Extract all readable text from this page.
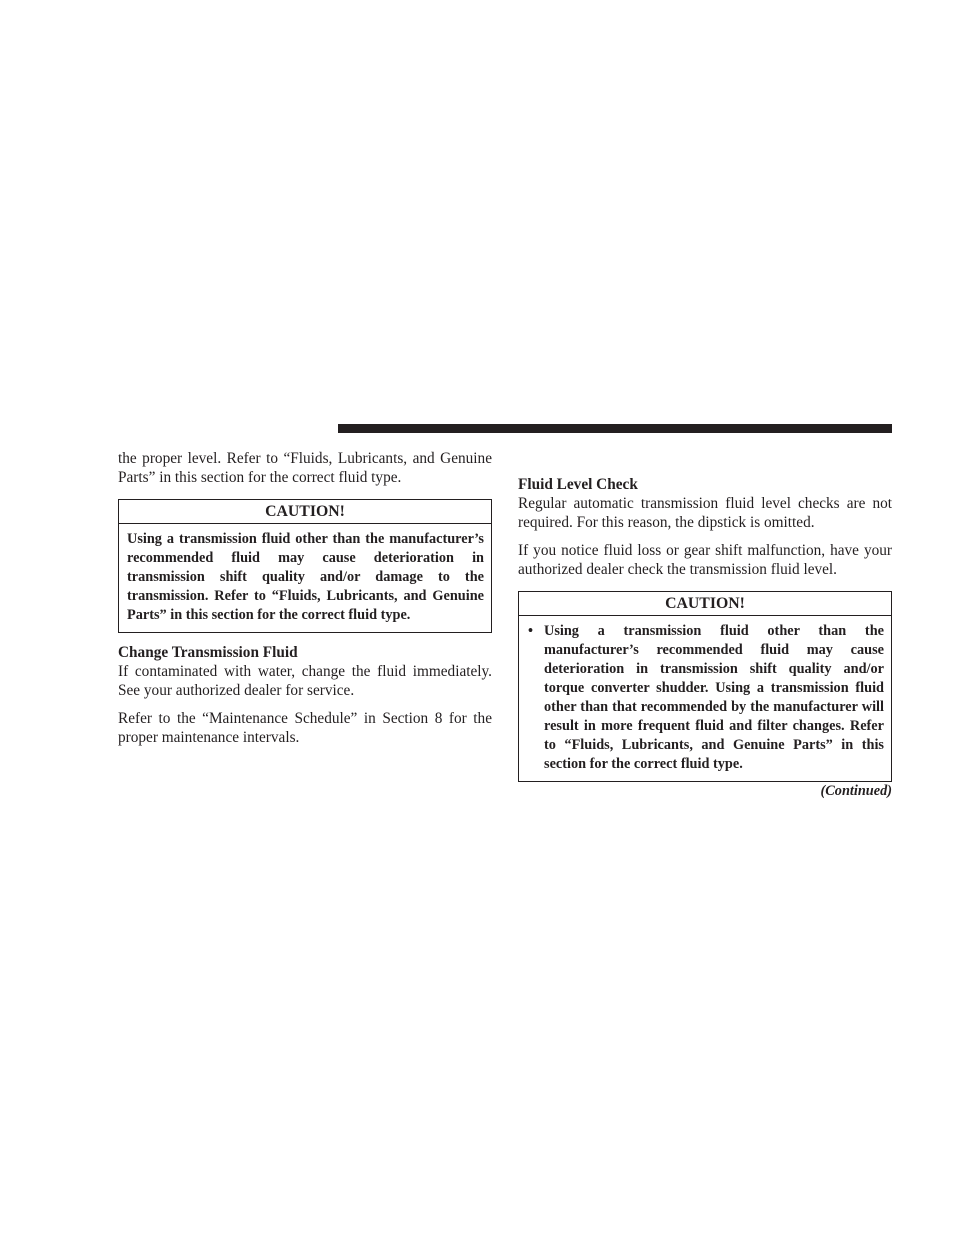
the proper level. Refer to “Fluids, Lubricants, and Genuine Parts” in this section for the correct fluid type.

CAUTION!
Using a transmission fluid other than the manufacturer’s recommended fluid may cause deterioration in transmission shift quality and/or damage to the transmission. Refer to “Fluids, Lubricants, and Genuine Parts” in this section for the correct fluid type.

Change Transmission Fluid

If contaminated with water, change the fluid immediately. See your authorized dealer for service.

Refer to the “Maintenance Schedule” in Section 8 for the proper maintenance intervals.

Fluid Level Check

Regular automatic transmission fluid level checks are not required. For this reason, the dipstick is omitted.

If you notice fluid loss or gear shift malfunction, have your authorized dealer check the transmission fluid level.

CAUTION!
• Using a transmission fluid other than the manufacturer’s recommended fluid may cause deterioration in transmission shift quality and/or torque converter shudder. Using a transmission fluid other than that recommended by the manufacturer will result in more frequent fluid and filter changes. Refer to “Fluids, Lubricants, and Genuine Parts” in this section for the correct fluid type.
(Continued)
